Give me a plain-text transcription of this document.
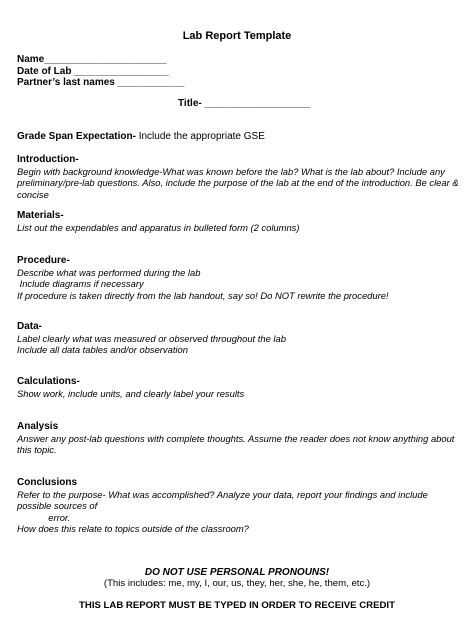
Lab Report Template
Name______________________
Date of Lab _________________
Partner’s last names ____________
Title- ___________________
Grade Span Expectation- Include the appropriate GSE
Introduction-
Begin with background knowledge-What was known before the lab? What is the lab about? Include any preliminary/pre-lab questions. Also, include the purpose of the lab at the end of the introduction. Be clear & concise
Materials-
List out the expendables and apparatus in bulleted form (2 columns)
Procedure-
Describe what was performed during the lab
Include diagrams if necessary
If procedure is taken directly from the lab handout, say so! Do NOT rewrite the procedure!
Data-
Label clearly what was measured or observed throughout the lab
Include all data tables and/or observation
Calculations-
Show work, include units, and clearly label your results
Analysis
Answer any post-lab questions with complete thoughts. Assume the reader does not know anything about this topic.
Conclusions
Refer to the purpose- What was accomplished? Analyze your data, report your findings and include possible sources of
error.
How does this relate to topics outside of the classroom?
DO NOT USE PERSONAL PRONOUNS!
(This includes: me, my, I, our, us, they, her, she, he, them, etc.)
THIS LAB REPORT MUST BE TYPED IN ORDER TO RECEIVE CREDIT
